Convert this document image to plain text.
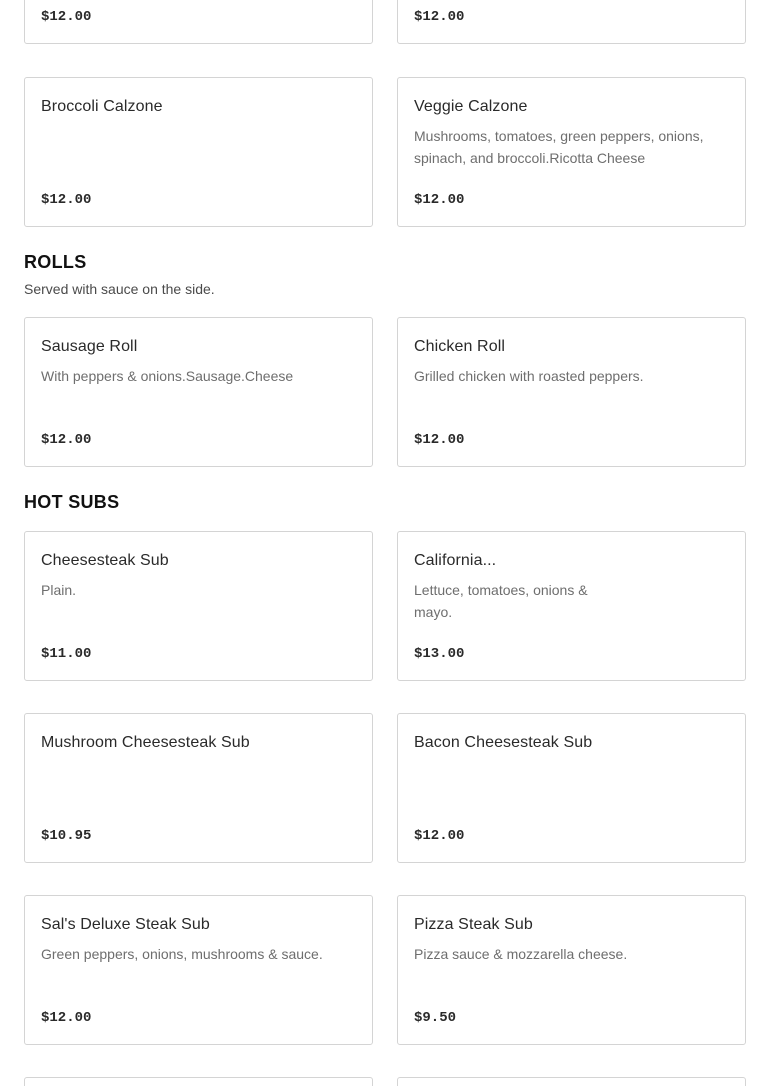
$12.00	$12.00
Broccoli Calzone
$12.00
Veggie Calzone
Mushrooms, tomatoes, green peppers, onions, spinach, and broccoli.Ricotta Cheese
$12.00
ROLLS
Served with sauce on the side.
Sausage Roll
With peppers & onions.Sausage.Cheese
$12.00
Chicken Roll
Grilled chicken with roasted peppers.
$12.00
HOT SUBS
Cheesesteak Sub
Plain.
$11.00
California...
Lettuce, tomatoes, onions & mayo.
$13.00
Mushroom Cheesesteak Sub
$10.95
Bacon Cheesesteak Sub
$12.00
Sal's Deluxe Steak Sub
Green peppers, onions, mushrooms & sauce.
$12.00
Pizza Steak Sub
Pizza sauce & mozzarella cheese.
$9.50
